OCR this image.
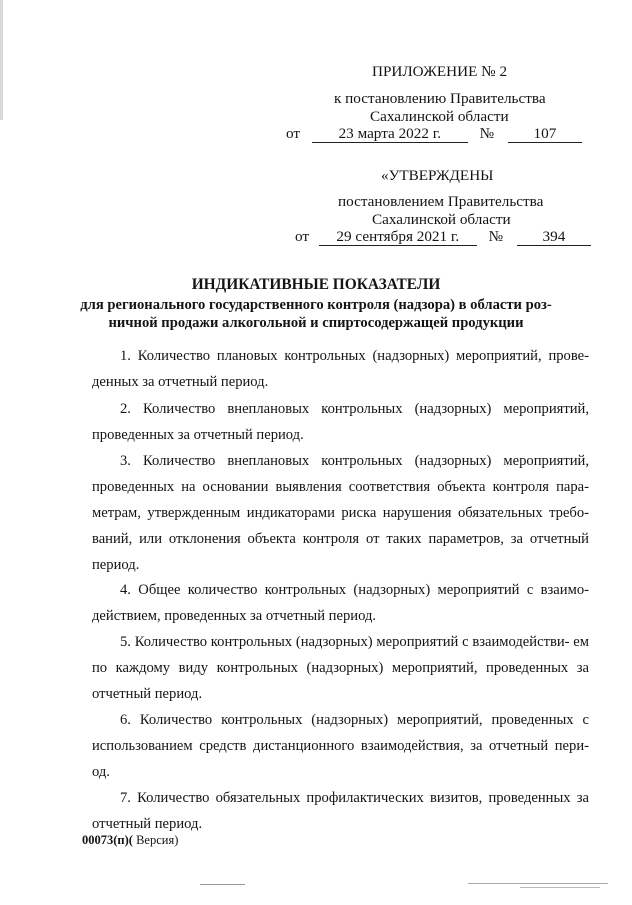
ПРИЛОЖЕНИЕ № 2
к постановлению Правительства
Сахалинской области
от	23 марта 2022 г.	№	107
«УТВЕРЖДЕНЫ
постановлением Правительства
Сахалинской области
от 29 сентября 2021 г. №	394
ИНДИКАТИВНЫЕ ПОКАЗАТЕЛИ
для регионального государственного контроля (надзора) в области роз-
ничной продажи алкогольной и спиртосодержащей продукции
1. Количество плановых контрольных (надзорных) мероприятий, прове- денных за отчетный период.
2. Количество внеплановых контрольных (надзорных) мероприятий, проведенных за отчетный период.
3. Количество внеплановых контрольных (надзорных) мероприятий, проведенных на основании выявления соответствия объекта контроля пара- метрам, утвержденным индикаторами риска нарушения обязательных требо- ваний, или отклонения объекта контроля от таких параметров, за отчетный период.
4. Общее количество контрольных (надзорных) мероприятий с взаимо- действием, проведенных за отчетный период.
5. Количество контрольных (надзорных) мероприятий с взаимодействи- ем по каждому виду контрольных (надзорных) мероприятий, проведенных за отчетный период.
6. Количество контрольных (надзорных) мероприятий, проведенных с использованием средств дистанционного взаимодействия, за отчетный пери- од.
7. Количество обязательных профилактических визитов, проведенных за отчетный период.
00073(п)( Версия)
